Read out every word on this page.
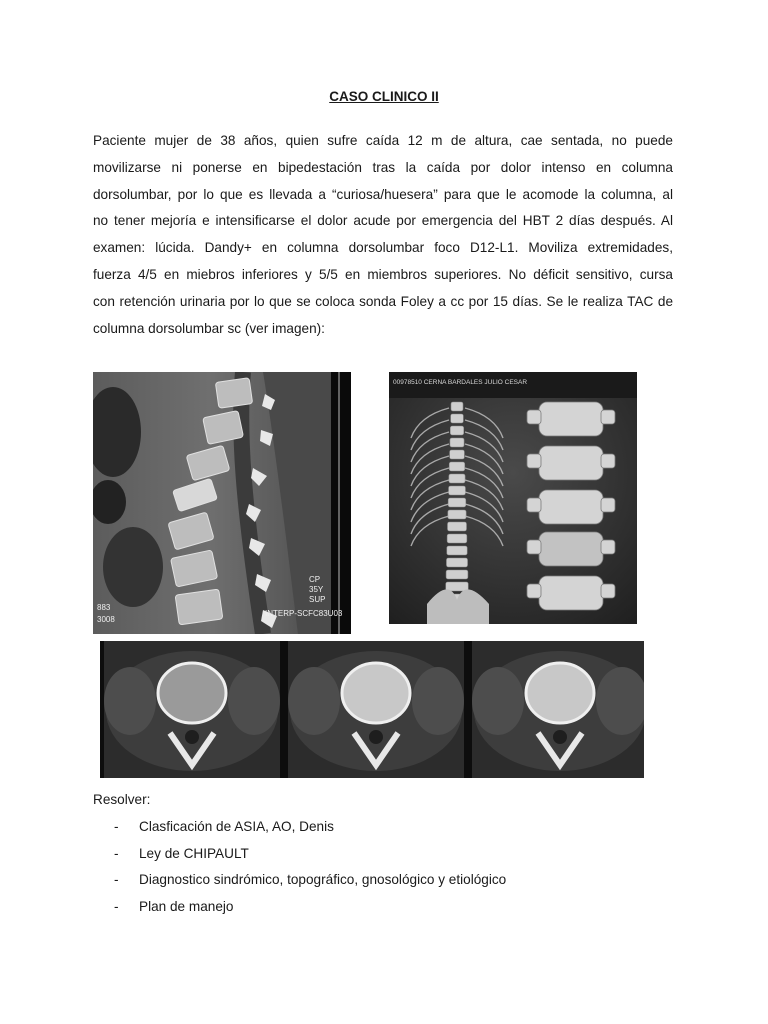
CASO CLINICO II
Paciente mujer de 38 años, quien sufre caída 12 m de altura, cae sentada, no puede
movilizarse ni ponerse en bipedestación tras la caída por dolor intenso en columna
dorsolumbar, por lo que es llevada a “curiosa/huesera” para que le acomode la columna, al
no tener mejoría e intensificarse el dolor acude por emergencia del HBT 2 días después. Al
examen: lúcida. Dandy+ en columna dorsolumbar foco D12-L1. Moviliza extremidades,
fuerza 4/5 en miebros inferiores y 5/5 en miembros superiores. No déficit sensitivo, cursa
con retención urinaria por lo que se coloca sonda Foley a cc por 15 días. Se le realiza TAC de
columna dorsolumbar sc (ver imagen):
CP
35Y
SUP
INTERP-SCFC83U03
883
3008
00978510 CERNA BARDALES JULIO CESAR
Resolver:
- Clasficación de ASIA, AO, Denis
- Ley de CHIPAULT
- Diagnostico sindrómico, topográfico, gnosológico y etiológico
- Plan de manejo
